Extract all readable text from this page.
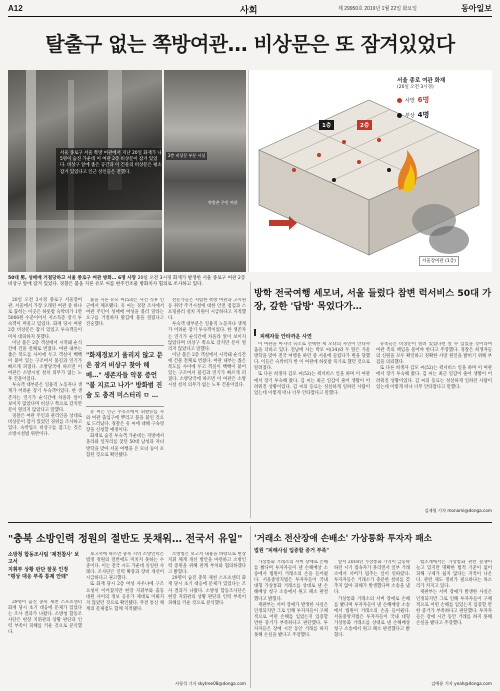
A12	사회	제 29950호 2019년 1월 22일 화요일	동아일보
탈출구 없는 쪽방여관… 비상문은 또 잠겨있었다
서울 종로구 서울 쪽방 여관에서 지난 20일 화재가 나 5명이 숨진 가운데 이 여관 2층 비상문이 잠겨 있었다. 비상구 앞에 좁은 공간과 이 건물의 비상문은 평소 잠겨 있었다고 인근 상인들은 전했다.
2층 비상문 부분 시설
쪽방촌 주민 여관
서울 종로 여관 화재
(20일 오전 3시경)
사망 6명
부상 4명
1층	2층
서울장여관 (1층)
50대 男, 성매매 거절당하고 서울 종로구 여관 방화… 6명 사망 20일 오전 3시경 화재가 발생한 서울 종로구 여관 2층 비상구 앞에 잠겨 있었다. 경찰은 불을 지른 유모 씨를 현주건조물 방화치사 혐의로 조사하고 있다.

20일 오전 3시경 종로구 서울장여관. 서울에서 가장 오래된 여관 중 하나로 꼽히는 이곳은 하룻밤 숙박비가 1만5000원 수준이어서 저소득층 장기 투숙객이 머물고 있었다. 화재 당시 여관 2층 비상문은 잠겨 있었고 투숙객들이 미처 대피하지 못했다.

이날 불은 2층 객실에서 시작돼 순식간에 건물 전체로 번졌다. 여관 내부는 좁은 복도를 사이에 두고 객실이 빽빽이 붙어 있는 구조여서 불길과 연기가 빠르게 퍼졌다. 소방당국에 따르면 이 여관은 소방시설 설치 의무가 없는 노후 건물이었다.

투숙객 대부분은 일용직 노동자나 생계가 어려운 장기 투숙객이었다. 한 생존자는 연기가 순식간에 차올라 앞이 보이지 않았다며 비상구 쪽으로 갔지만 문이 열리지 않았다고 말했다.

경찰은 여관 주인과 관리인을 상대로 비상문이 잠겨 있었던 경위를 조사하고 있다. 숙박업소 비상구를 잠그는 것은 소방시설법 위반이다.

불을 지른 유모 씨(53)는 사건 직후 인근에서 체포됐다. 유 씨는 경찰 조사에서 여관 주인이 성매매 여성을 불러 달라는 요구를 거절하자 홧김에 불을 질렀다고 진술했다.

"화재경보기 울리지 않고 문은 잠겨 비상구 찾아 헤매…" 생존자들 악몽 증언 "불 지르고 나가" 방화범 진술 도 충격 미스터리 ㅁ …

유 씨는 인근 주유소에서 휘발유를 사 와 여관 출입구에 뿌리고 불을 붙인 것으로 드러났다. 경찰은 유 씨에 대해 구속영장을 신청할 예정이다.

화재로 숨진 투숙객 가운데는 지방에서 올라와 일자리를 찾던 50대 남성과 자녀 방학을 맞아 서울 여행을 온 모녀 등이 포함된 것으로 확인됐다.

전문가들은 저렴한 쪽방 여관과 고시원 등 취약 주거시설에 대한 안전 점검과 스프링클러 설치 지원이 시급하다고 지적했다.

투숙객 대부분은 일용직 노동자나 생계가 어려운 장기 투숙객이었다. 한 생존자는 연기가 순식간에 차올라 앞이 보이지 않았다며 비상구 쪽으로 갔지만 문이 열리지 않았다고 말했다.

이날 불은 2층 객실에서 시작돼 순식간에 건물 전체로 번졌다. 여관 내부는 좁은 복도를 사이에 두고 객실이 빽빽이 붙어 있는 구조여서 불길과 연기가 빠르게 퍼졌다. 소방당국에 따르면 이 여관은 소방시설 설치 의무가 없는 노후 건물이었다.

방학 전국여행 세모녀, 서울 들렀다 참변 럭서비스 50대 가장, 갚한 '답방' 목었다가…
피해자들 안타까운 사연

이 여관을 마지막 숙소로 선택한 세 모녀의 사연이 안타까움을 더하고 있다. 전남에 사는 박모 씨(34)와 두 딸은 겨울방학을 맞아 전국 여행을 하던 중 서울에 들렀다가 변을 당했다. 이들은 숙박비가 싼 이 여관에 하룻밤 묵기로 했던 것으로 알려졌다.

또 다른 희생자 김모 씨(52)는 퀵서비스 일을 하며 이 여관에서 장기 투숙해 왔다. 김 씨는 최근 일감이 줄어 생활이 어려워진 상황이었다. 김 씨의 동료는 성실하게 일하던 사람이었는데 이렇게 떠나 너무 안타깝다고 말했다.

유족들은 비상문이 열려 있었다면 살 수 있었을 것이라며 여관 측의 책임을 물어야 한다고 주장했다. 경찰은 희생자들의 신원을 모두 확인하고 정확한 사망 원인을 밝히기 위해 부검을 의뢰했다.

또 다른 희생자 김모 씨(52)는 퀵서비스 일을 하며 이 여관에서 장기 투숙해 왔다. 김 씨는 최근 일감이 줄어 생활이 어려워진 상황이었다. 김 씨의 동료는 성실하게 일하던 사람이었는데 이렇게 떠나 너무 안타깝다고 말했다.

김재형 기자 monami@donga.com
"충북 소방인력 정원의 절반도 못채워… 전국서 유일"
소방청 합동조사팀 '제천참사' 보고서
지휘부 상황 판단 잘못 인정
"평상 대응 부족 통제 안돼"

29명이 숨진 충북 제천 스포츠센터 화재 당시 초기 대응에 문제가 있었다는 조사 결과가 나왔다. 소방청 합동조사단은 현장 지휘관의 상황 판단과 인력 부족이 피해를 키운 것으로 분석했다.

보고서에 따르면 충북 지역 소방인력은 법정 정원의 절반에도 미치지 못하는 수준이다. 이는 전국 시도 가운데 유일한 사례다. 조사단은 인력 확충과 장비 개선이 시급하다고 권고했다.

또 화재 당시 2층 여성 사우나에 구조 요청이 이어졌지만 현장 지휘부와 출동 대원 사이의 정보 공유가 제대로 이뤄지지 않았던 것으로 확인됐다. 무전 통신 체계의 문제점도 함께 지적됐다.

소방청은 보고서 내용을 바탕으로 현장 지휘 체계 개선 방안을 마련하고 소방인력 증원을 위해 관계 부처와 협의하겠다고 밝혔다.

29명이 숨진 충북 제천 스포츠센터 화재 당시 초기 대응에 문제가 있었다는 조사 결과가 나왔다. 소방청 합동조사단은 현장 지휘관의 상황 판단과 인력 부족이 피해를 키운 것으로 분석했다.

서형석 기자 skytree08@donga.com
'거래소 전산장애 손배소' 가상통화 투자자 패소
법원 "피해사실 입증할 증거 부족"

가상통화 거래소의 서버 장애로 손해를 봤다며 투자자들이 낸 손해배상 소송에서 법원이 거래소의 손을 들어줬다. 서울중앙지법은 투자자들이 국내 대형 가상통화 거래소를 상대로 낸 손해배상 청구 소송에서 원고 패소 판결했다고 밝혔다.

재판부는 서버 장애가 발생한 사실은 인정되지만 그로 인해 투자자들이 구체적으로 어떤 손해를 입었는지 입증할 만한 증거가 부족하다고 판단했다. 투자자들은 장애 시간 동안 거래를 하지 못해 손실을 봤다고 주장했다.

앞서 2018년 가상통화 가격이 급등락하던 시기 접속자가 몰리면서 일부 거래소에서 서버가 멈추는 일이 잇따랐다. 투자자들은 거래소가 충분한 설비를 갖추지 않아 피해가 발생했다며 소송을 냈다.

가상통화 거래소의 서버 장애로 손해를 봤다며 투자자들이 낸 손해배상 소송에서 법원이 거래소의 손을 들어줬다. 서울중앙지법은 투자자들이 국내 대형 가상통화 거래소를 상대로 낸 손해배상 청구 소송에서 원고 패소 판결했다고 밝혔다.

법조계에서는 가상통화 관련 분쟁이 늘고 있지만 명확한 법적 기준이 없어 피해 구제가 쉽지 않다는 지적이 나온다. 관련 제도 정비가 필요하다는 목소리가 커지고 있다.

재판부는 서버 장애가 발생한 사실은 인정되지만 그로 인해 투자자들이 구체적으로 어떤 손해를 입었는지 입증할 만한 증거가 부족하다고 판단했다. 투자자들은 장애 시간 동안 거래를 하지 못해 손실을 봤다고 주장했다.

김예윤 기자 yeah@donga.com
